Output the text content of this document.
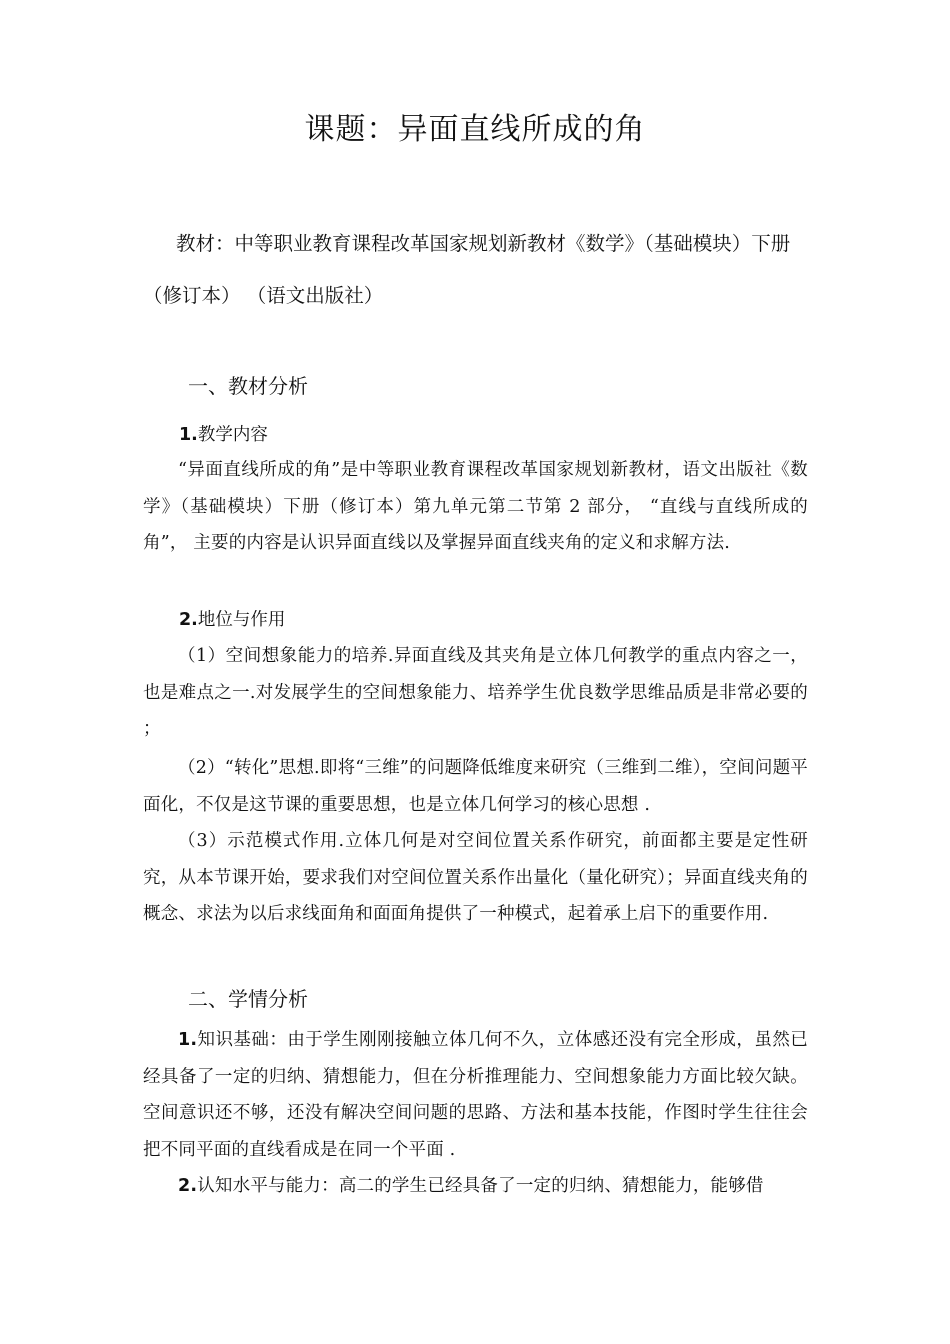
课题：异面直线所成的角

教材：中等职业教育课程改革国家规划新教材《数学》（基础模块）下册（修订本） （语文出版社）

一、教材分析

1.教学内容

“异面直线所成的角”是中等职业教育课程改革国家规划新教材，语文出版社《数学》（基础模块）下册（修订本）第九单元第二节第 2 部分， “直线与直线所成的角”， 主要的内容是认识异面直线以及掌握异面直线夹角的定义和求解方法.

2.地位与作用

（1）空间想象能力的培养.异面直线及其夹角是立体几何教学的重点内容之一，也是难点之一.对发展学生的空间想象能力、培养学生优良数学思维品质是非常必要的 ；

（2）“转化”思想.即将“三维”的问题降低维度来研究（三维到二维），空间问题平面化，不仅是这节课的重要思想，也是立体几何学习的核心思想 .

（3）示范模式作用.立体几何是对空间位置关系作研究，前面都主要是定性研究，从本节课开始，要求我们对空间位置关系作出量化（量化研究）；异面直线夹角的概念、求法为以后求线面角和面面角提供了一种模式，起着承上启下的重要作用.

二、学情分析

1.知识基础：由于学生刚刚接触立体几何不久，立体感还没有完全形成，虽然已经具备了一定的归纳、猜想能力，但在分析推理能力、空间想象能力方面比较欠缺。空间意识还不够，还没有解决空间问题的思路、方法和基本技能，作图时学生往往会把不同平面的直线看成是在同一个平面 .

2.认知水平与能力：高二的学生已经具备了一定的归纳、猜想能力，能够借
